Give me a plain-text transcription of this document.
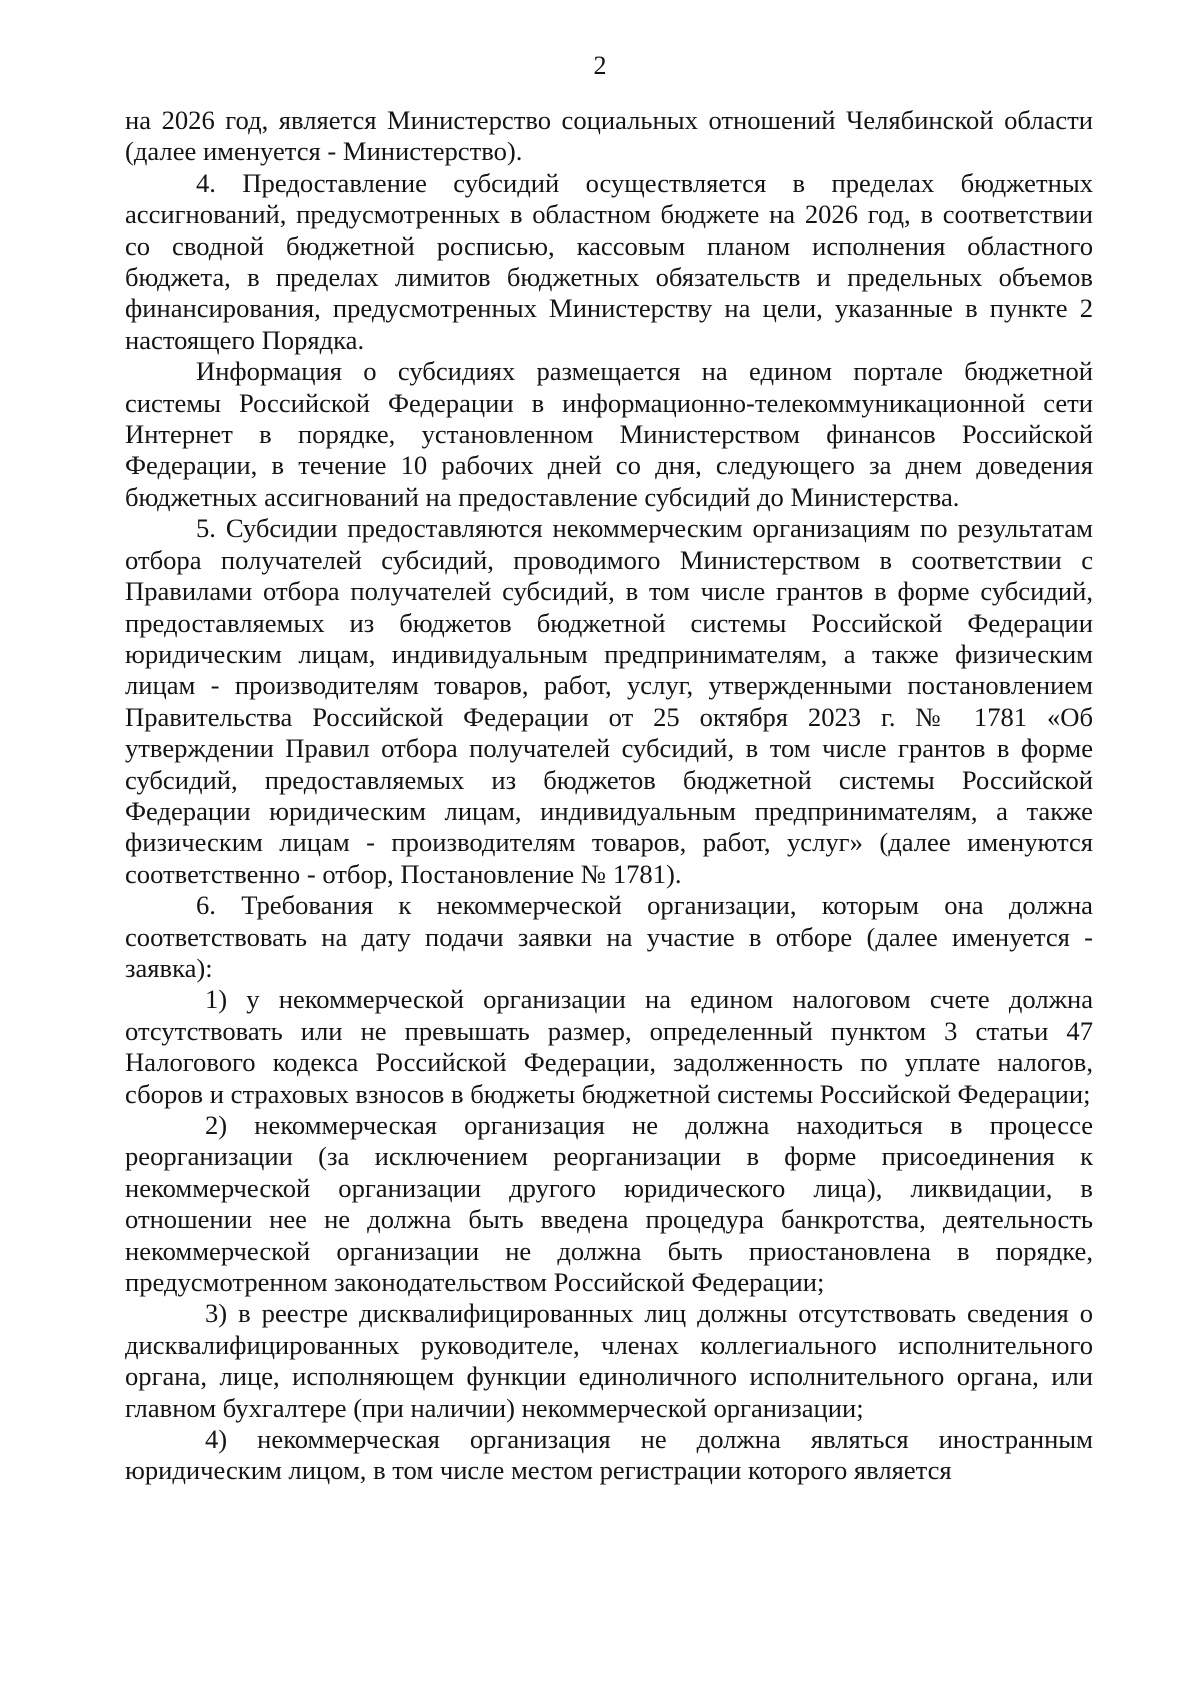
2

на 2026 год, является Министерство социальных отношений Челябинской области (далее именуется - Министерство).

4. Предоставление субсидий осуществляется в пределах бюджетных ассигнований, предусмотренных в областном бюджете на 2026 год, в соответствии со сводной бюджетной росписью, кассовым планом исполнения областного бюджета, в пределах лимитов бюджетных обязательств и предельных объемов финансирования, предусмотренных Министерству на цели, указанные в пункте 2 настоящего Порядка.

Информация о субсидиях размещается на едином портале бюджетной системы Российской Федерации в информационно-телекоммуникационной сети Интернет в порядке, установленном Министерством финансов Российской Федерации, в течение 10 рабочих дней со дня, следующего за днем доведения бюджетных ассигнований на предоставление субсидий до Министерства.

5. Субсидии предоставляются некоммерческим организациям по результатам отбора получателей субсидий, проводимого Министерством в соответствии с Правилами отбора получателей субсидий, в том числе грантов в форме субсидий, предоставляемых из бюджетов бюджетной системы Российской Федерации юридическим лицам, индивидуальным предпринимателям, а также физическим лицам - производителям товаров, работ, услуг, утвержденными постановлением Правительства Российской Федерации от 25 октября 2023 г. № 1781 «Об утверждении Правил отбора получателей субсидий, в том числе грантов в форме субсидий, предоставляемых из бюджетов бюджетной системы Российской Федерации юридическим лицам, индивидуальным предпринимателям, а также физическим лицам - производителям товаров, работ, услуг» (далее именуются соответственно - отбор, Постановление № 1781).

6. Требования к некоммерческой организации, которым она должна соответствовать на дату подачи заявки на участие в отборе (далее именуется - заявка):

1) у некоммерческой организации на едином налоговом счете должна отсутствовать или не превышать размер, определенный пунктом 3 статьи 47 Налогового кодекса Российской Федерации, задолженность по уплате налогов, сборов и страховых взносов в бюджеты бюджетной системы Российской Федерации;

2) некоммерческая организация не должна находиться в процессе реорганизации (за исключением реорганизации в форме присоединения к некоммерческой организации другого юридического лица), ликвидации, в отношении нее не должна быть введена процедура банкротства, деятельность некоммерческой организации не должна быть приостановлена в порядке, предусмотренном законодательством Российской Федерации;

3) в реестре дисквалифицированных лиц должны отсутствовать сведения о дисквалифицированных руководителе, членах коллегиального исполнительного органа, лице, исполняющем функции единоличного исполнительного органа, или главном бухгалтере (при наличии) некоммерческой организации;

4) некоммерческая организация не должна являться иностранным юридическим лицом, в том числе местом регистрации которого является
